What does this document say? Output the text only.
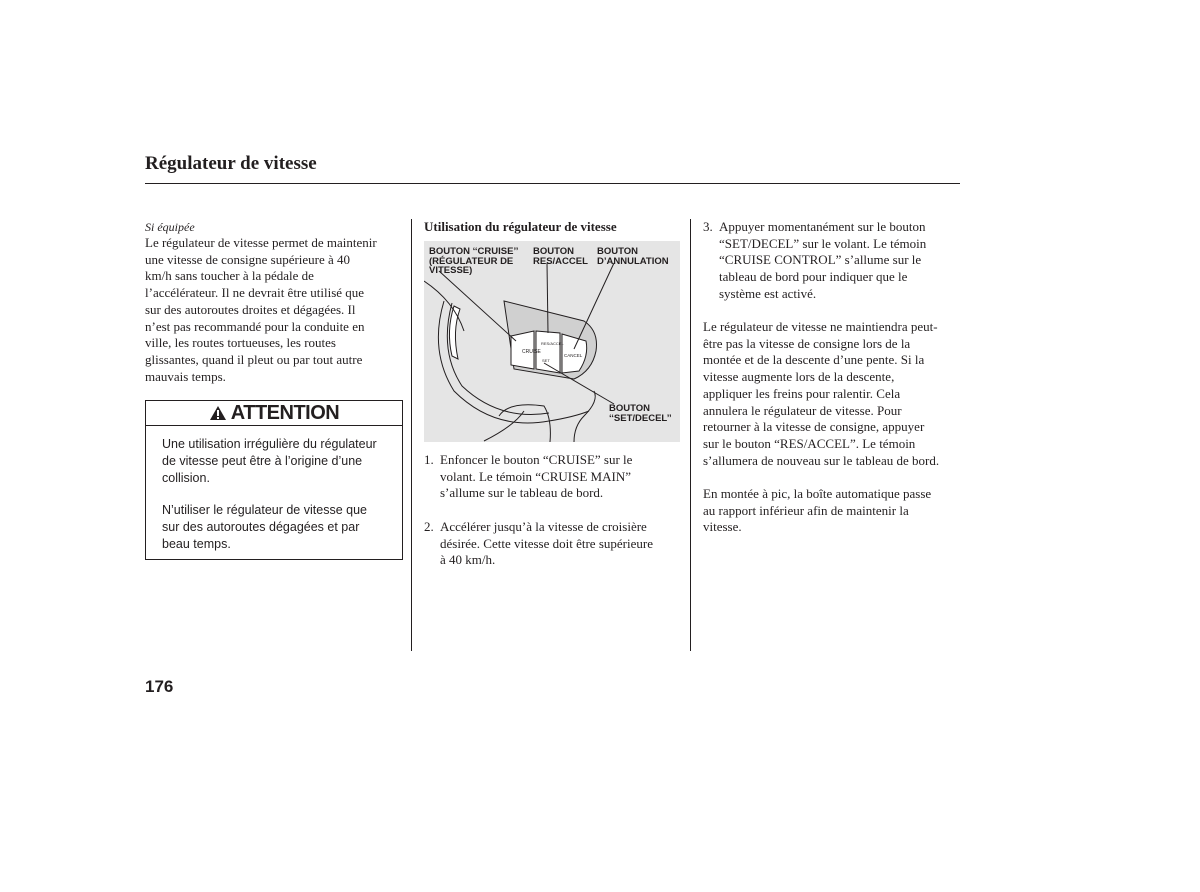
Régulateur de vitesse
Si équipée

Le régulateur de vitesse permet de maintenir
une vitesse de consigne supérieure à 40
km/h sans toucher à la pédale de
l’accélérateur. Il ne devrait être utilisé que
sur des autoroutes droites et dégagées. Il
n’est pas recommandé pour la conduite en
ville, les routes tortueuses, les routes
glissantes, quand il pleut ou par tout autre
mauvais temps.

ATTENTION

Une utilisation irrégulière du régulateur
de vitesse peut être à l’origine d’une
collision.

N’utiliser le régulateur de vitesse que
sur des autoroutes dégagées et par
beau temps.

Utilisation du régulateur de vitesse
BOUTON ‘‘CRUISE’’
(RÉGULATEUR DE
VITESSE)
BOUTON
RES/ACCEL
BOUTON
D’ANNULATION
BOUTON
‘‘SET/DECEL’’
CRUISE
RES/ACCEL
SET
CANCEL
1. Enfoncer le bouton “CRUISE” sur le
volant. Le témoin “CRUISE MAIN”
s’allume sur le tableau de bord.
2. Accélérer jusqu’à la vitesse de croisière
désirée. Cette vitesse doit être supérieure
à 40 km/h.
3. Appuyer momentanément sur le bouton
“SET/DECEL” sur le volant. Le témoin
“CRUISE CONTROL” s’allume sur le
tableau de bord pour indiquer que le
système est activé.

Le régulateur de vitesse ne maintiendra peut-
être pas la vitesse de consigne lors de la
montée et de la descente d’une pente. Si la
vitesse augmente lors de la descente,
appliquer les freins pour ralentir. Cela
annulera le régulateur de vitesse. Pour
retourner à la vitesse de consigne, appuyer
sur le bouton “RES/ACCEL”. Le témoin
s’allumera de nouveau sur le tableau de bord.

En montée à pic, la boîte automatique passe
au rapport inférieur afin de maintenir la
vitesse.

176
